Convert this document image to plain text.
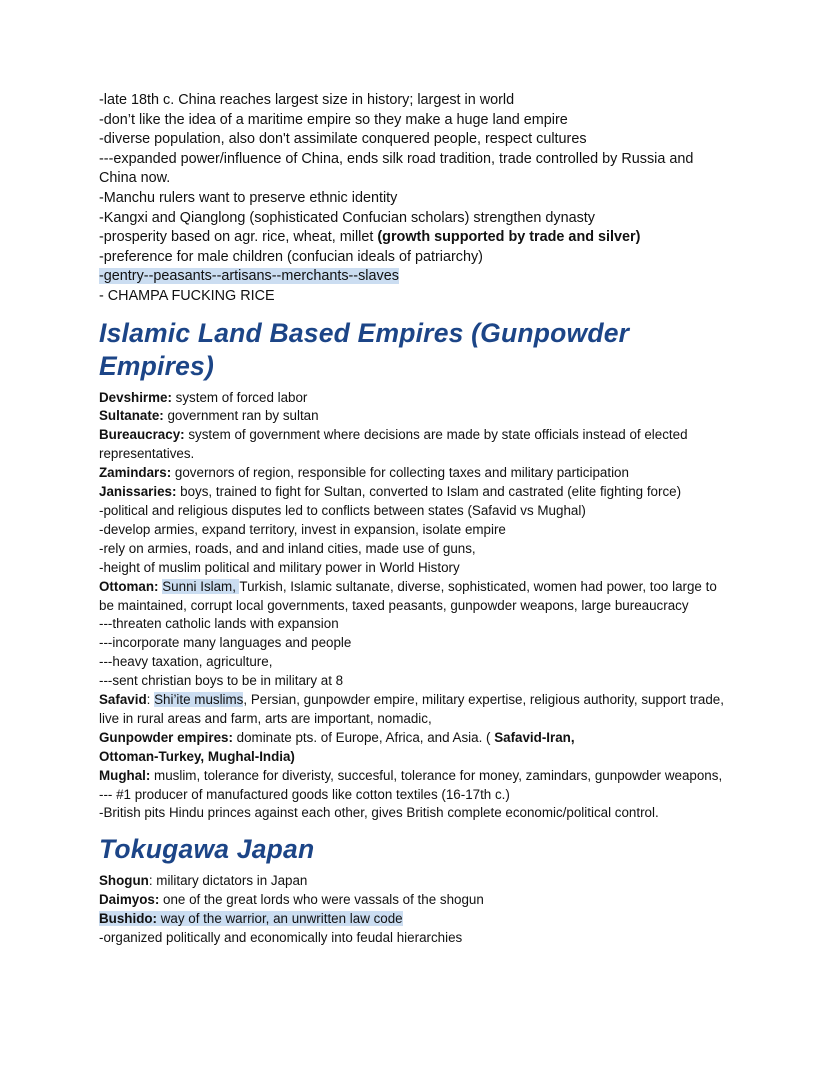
-late 18th c. China reaches largest size in history; largest in world
-don’t like the idea of a maritime empire so they make a huge land empire
-diverse population, also don't assimilate conquered people, respect cultures
---expanded power/influence of China, ends silk road tradition, trade controlled by Russia and China now.
-Manchu rulers want to preserve ethnic identity
-Kangxi and Qianglong (sophisticated Confucian scholars) strengthen dynasty
-prosperity based on agr. rice, wheat, millet (growth supported by trade and silver)
-preference for male children (confucian ideals of patriarchy)
-gentry--peasants--artisans--merchants--slaves
- CHAMPA FUCKING RICE
Islamic Land Based Empires (Gunpowder Empires)
Devshirme: system of forced labor
Sultanate: government ran by sultan
Bureaucracy: system of government where decisions are made by state officials instead of elected representatives.
Zamindars: governors of region, responsible for collecting taxes and military participation
Janissaries: boys, trained to fight for Sultan, converted to Islam and castrated (elite fighting force)
-political and religious disputes led to conflicts between states (Safavid vs Mughal)
-develop armies, expand territory, invest in expansion, isolate empire
-rely on armies, roads, and and inland cities, made use of guns,
-height of muslim political and military power in World History
Ottoman: Sunni Islam, Turkish, Islamic sultanate, diverse, sophisticated, women had power, too large to be maintained, corrupt local governments, taxed peasants, gunpowder weapons, large bureaucracy
---threaten catholic lands with expansion
---incorporate many languages and people
---heavy taxation, agriculture,
---sent christian boys to be in military at 8
Safavid: Shi’ite muslims, Persian, gunpowder empire, military expertise, religious authority, support trade, live in rural areas and farm, arts are important, nomadic,
Gunpowder empires: dominate pts. of Europe, Africa, and Asia. ( Safavid-Iran,
Ottoman-Turkey, Mughal-India)
Mughal: muslim, tolerance for diveristy, succesful, tolerance for money, zamindars, gunpowder weapons,
--- #1 producer of manufactured goods like cotton textiles (16-17th c.)
-British pits Hindu princes against each other, gives British complete economic/political control.
Tokugawa Japan
Shogun: military dictators in Japan
Daimyos: one of the great lords who were vassals of the shogun
Bushido: way of the warrior, an unwritten law code
-organized politically and economically into feudal hierarchies
